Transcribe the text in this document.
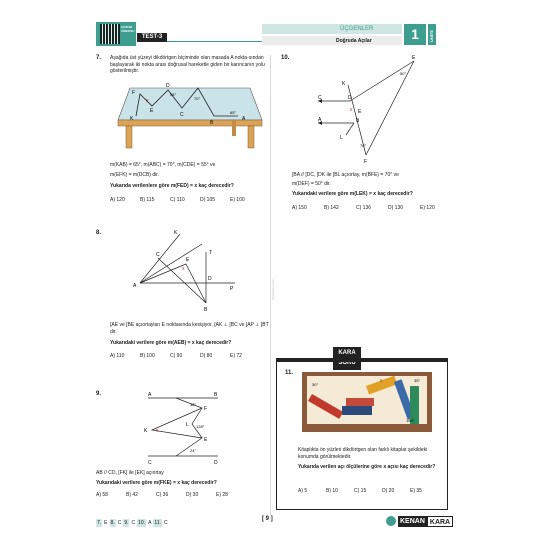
ÇÖZÜM VİDEOSU
TEST-3
ÜÇGENLER
Doğruda Açılar	1	ÜNİTE
kenankara.com
7. Aşağıda üst yüzeyi dikdörtgen biçiminde olan masada A nokta-sından başlayarak iki nokta arası doğrusal hareketle giden bir karıncanın yolu gösterilmiştir.
F
D
E
x
55°
70°
K
C
B
65°
A
m(KAB) = 65°, m(ABC) = 70°, m(CDE) = 55° ve
m(EFK) = m(DCB) dir.
Yukarıda verilenlere göre m(FED) = x kaç derecedir?
A) 120	B) 115	C) 110	D) 105	E) 100
8.	K
E
C	T
x
A
D
P
B
[AE ve [BE açıortayları E noktasında kesişiyor, [AK ⊥ [BC ve [AP ⊥ [BT dir.
Yukarıdaki verilere göre m(AEB) = x kaç derecedir?
A) 110	B) 100	C) 90	D) 80	E) 72
9.	A	B
32°
F
K x
L 128°
E
24°
C	D
AB // CD, [FK] ile [EK] açıortay
Yukarıdaki verilere göre m(FKE) = x kaç derecedir?
A) 58	B) 42	C) 36	D) 30	E) 28
10.	E
50°
K
C	D
x E
A	B
L
70°
F
[BA // [DC, [DK ile [BL açıortay, m(BFE) = 70° ve
m(DEF) = 50° dir.
Yukarıdaki verilere göre m(LEK) = x kaç derecedir?
A) 150	B) 142	C) 136	D) 130	E) 120
KARA
SORU
11.
30°
x	35°
150°
Kitaplıkta ön yüzleri dikdörtgen olan farklı kitaplar şekildeki konumda görülmektedir.
Yukarıda verilen açı ölçülerine göre x açısı kaç derecedir?
A) 5	B) 10	C) 15	D) 20	E) 35
7. E 8. C 9. C 10. A 11. C
[ 9 ]	KENAN KARA
